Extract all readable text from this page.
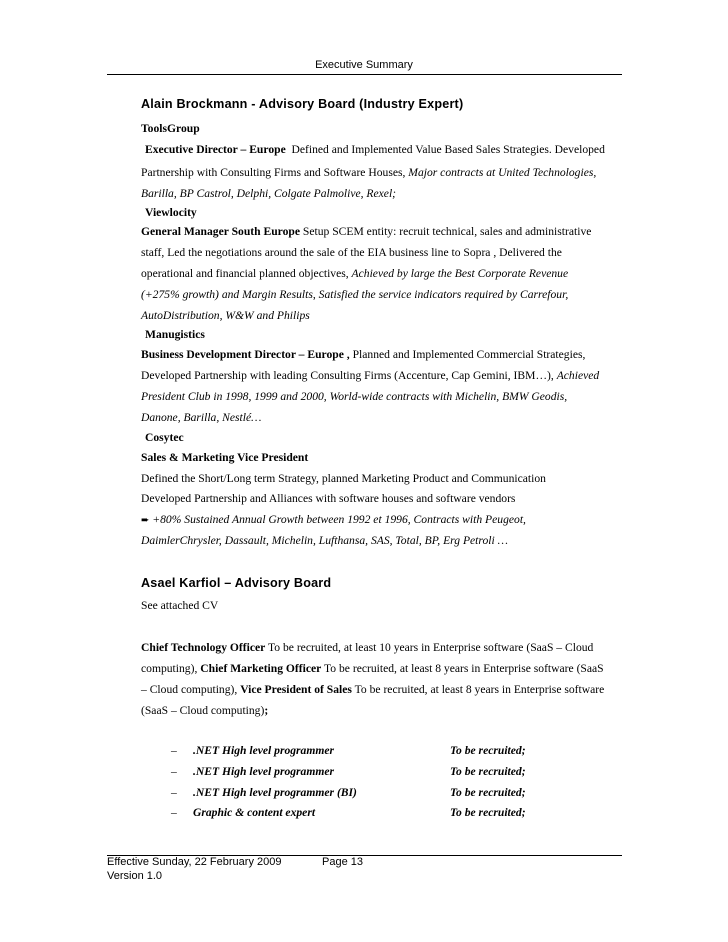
Executive Summary
Alain Brockmann - Advisory Board (Industry Expert)
ToolsGroup
Executive Director – Europe Defined and Implemented Value Based Sales Strategies. Developed
Partnership with Consulting Firms and Software Houses, Major contracts at United Technologies,
Barilla, BP Castrol, Delphi, Colgate Palmolive, Rexel;
Viewlocity
General Manager South Europe Setup SCEM entity: recruit technical, sales and administrative
staff, Led the negotiations around the sale of the EIA business line to Sopra , Delivered the
operational and financial planned objectives, Achieved by large the Best Corporate Revenue
(+275% growth) and Margin Results, Satisfied the service indicators required by Carrefour,
AutoDistribution, W&W and Philips
Manugistics
Business Development Director – Europe , Planned and Implemented Commercial Strategies,
Developed Partnership with leading Consulting Firms (Accenture, Cap Gemini, IBM…), Achieved
President Club in 1998, 1999 and 2000, World-wide contracts with Michelin, BMW Geodis,
Danone, Barilla, Nestlé…
Cosytec
Sales & Marketing Vice President
Defined the Short/Long term Strategy, planned Marketing Product and Communication
Developed Partnership and Alliances with software houses and software vendors
➨ +80% Sustained Annual Growth between 1992 et 1996, Contracts with Peugeot,
DaimlerChrysler, Dassault, Michelin, Lufthansa, SAS, Total, BP, Erg Petroli …
Asael Karfiol – Advisory Board
See attached CV
Chief Technology Officer To be recruited, at least 10 years in Enterprise software (SaaS – Cloud
computing), Chief Marketing Officer To be recruited, at least 8 years in Enterprise software (SaaS
– Cloud computing), Vice President of Sales To be recruited, at least 8 years in Enterprise software
(SaaS – Cloud computing);
– .NET High level programmer	To be recruited;
– .NET High level programmer	To be recruited;
– .NET High level programmer (BI)	To be recruited;
– Graphic & content expert	To be recruited;
Effective Sunday, 22 February 2009	Page 13
Version 1.0
